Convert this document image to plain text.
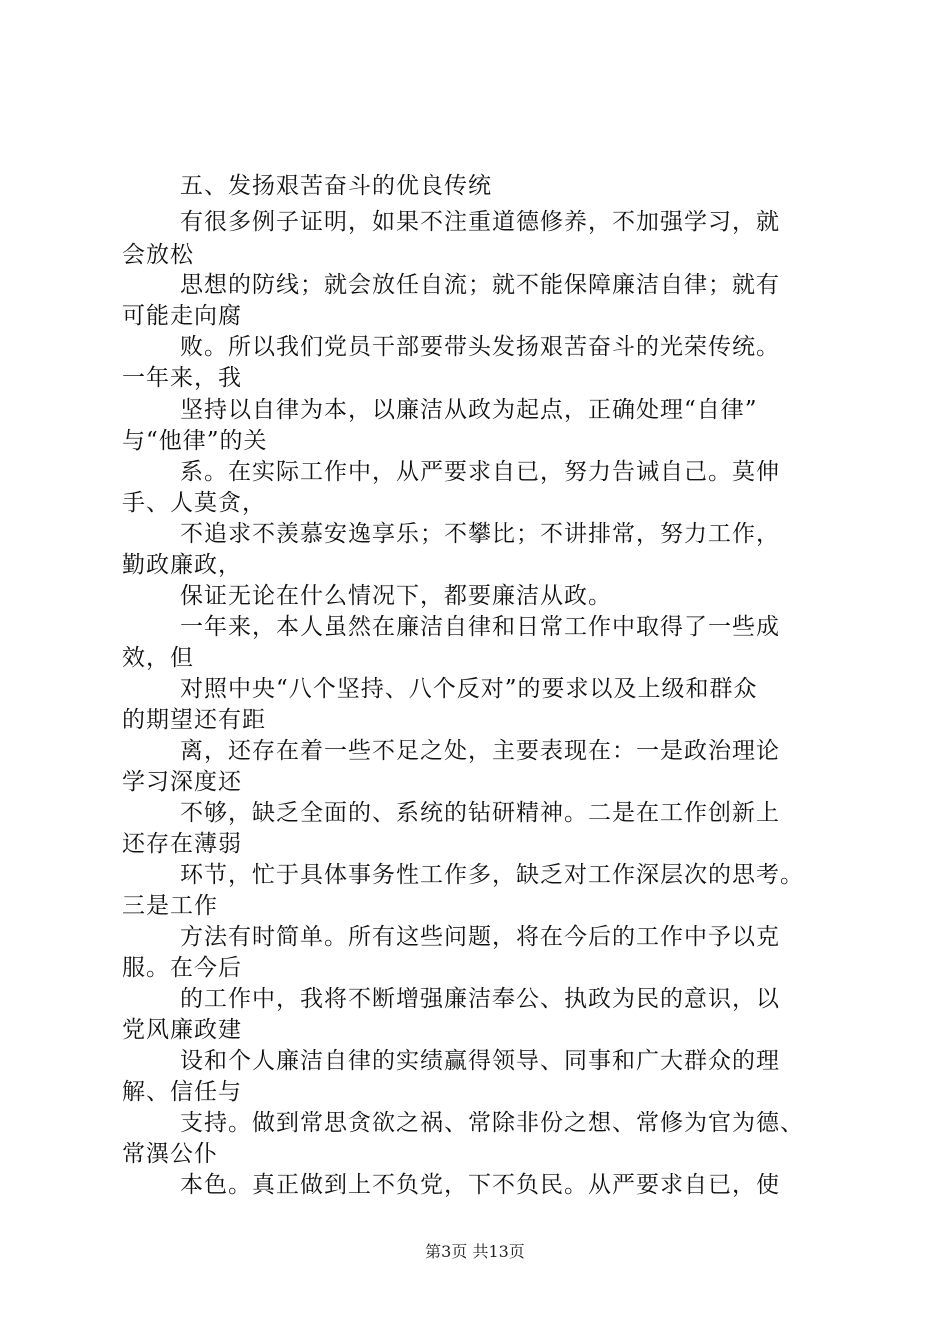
五、发扬艰苦奋斗的优良传统
有很多例子证明，如果不注重道德修养，不加强学习，就
会放松
思想的防线；就会放任自流；就不能保障廉洁自律；就有
可能走向腐
败。所以我们党员干部要带头发扬艰苦奋斗的光荣传统。
一年来，我
坚持以自律为本，以廉洁从政为起点，正确处理“自律”
与“他律”的关
系。在实际工作中，从严要求自已，努力告诫自己。莫伸
手、人莫贪，
不追求不羡慕安逸享乐；不攀比；不讲排常，努力工作，
勤政廉政，
保证无论在什么情况下，都要廉洁从政。
一年来，本人虽然在廉洁自律和日常工作中取得了一些成
效，但
对照中央“八个坚持、八个反对”的要求以及上级和群众
的期望还有距
离，还存在着一些不足之处，主要表现在：一是政治理论
学习深度还
不够，缺乏全面的、系统的钻研精神。二是在工作创新上
还存在薄弱
环节，忙于具体事务性工作多，缺乏对工作深层次的思考。
三是工作
方法有时简单。所有这些问题，将在今后的工作中予以克
服。在今后
的工作中，我将不断增强廉洁奉公、执政为民的意识，以
党风廉政建
设和个人廉洁自律的实绩赢得领导、同事和广大群众的理
解、信任与
支持。做到常思贪欲之祸、常除非份之想、常修为官为德、
常潩公仆
本色。真正做到上不负党，下不负民。从严要求自已，使
第3页 共13页
